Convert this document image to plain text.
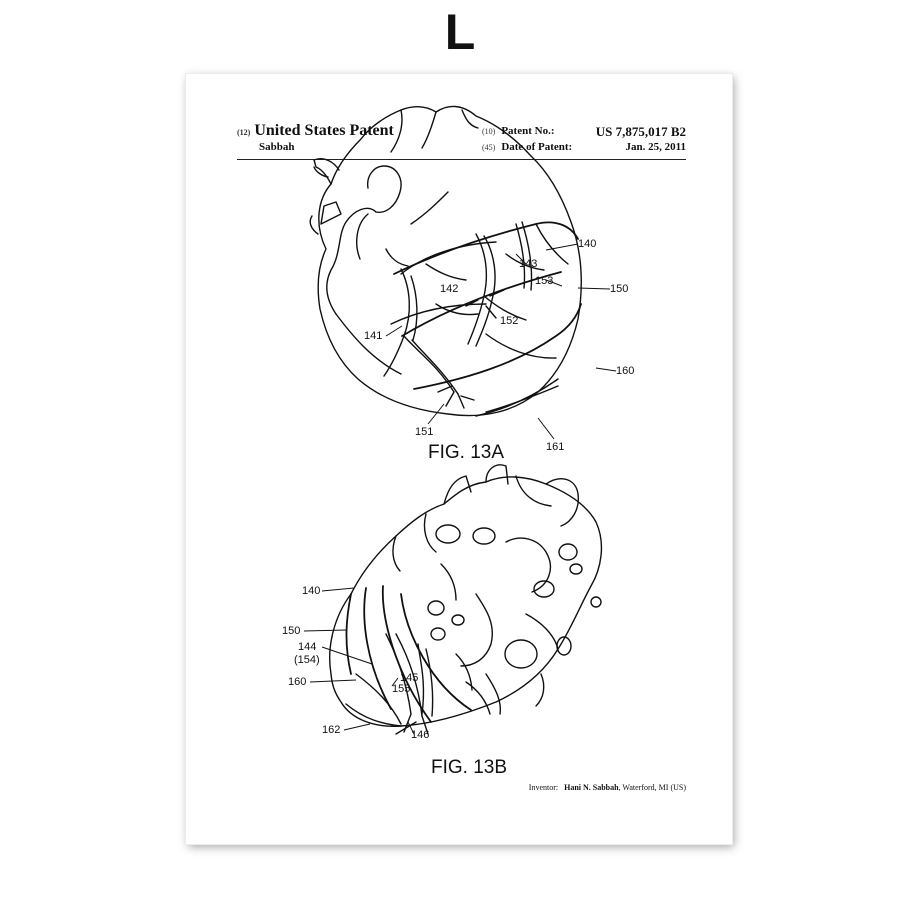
L
(12) United States Patent
Sabbah
(10) Patent No.:	US 7,875,017 B2
(45) Date of Patent:	Jan. 25, 2011
140
143
153
150
142
152
141
160
151
161
FIG. 13A
140
150
144
(154)
160	145
155
162	146
FIG. 13B
Inventor: Hani N. Sabbah, Waterford, MI (US)
